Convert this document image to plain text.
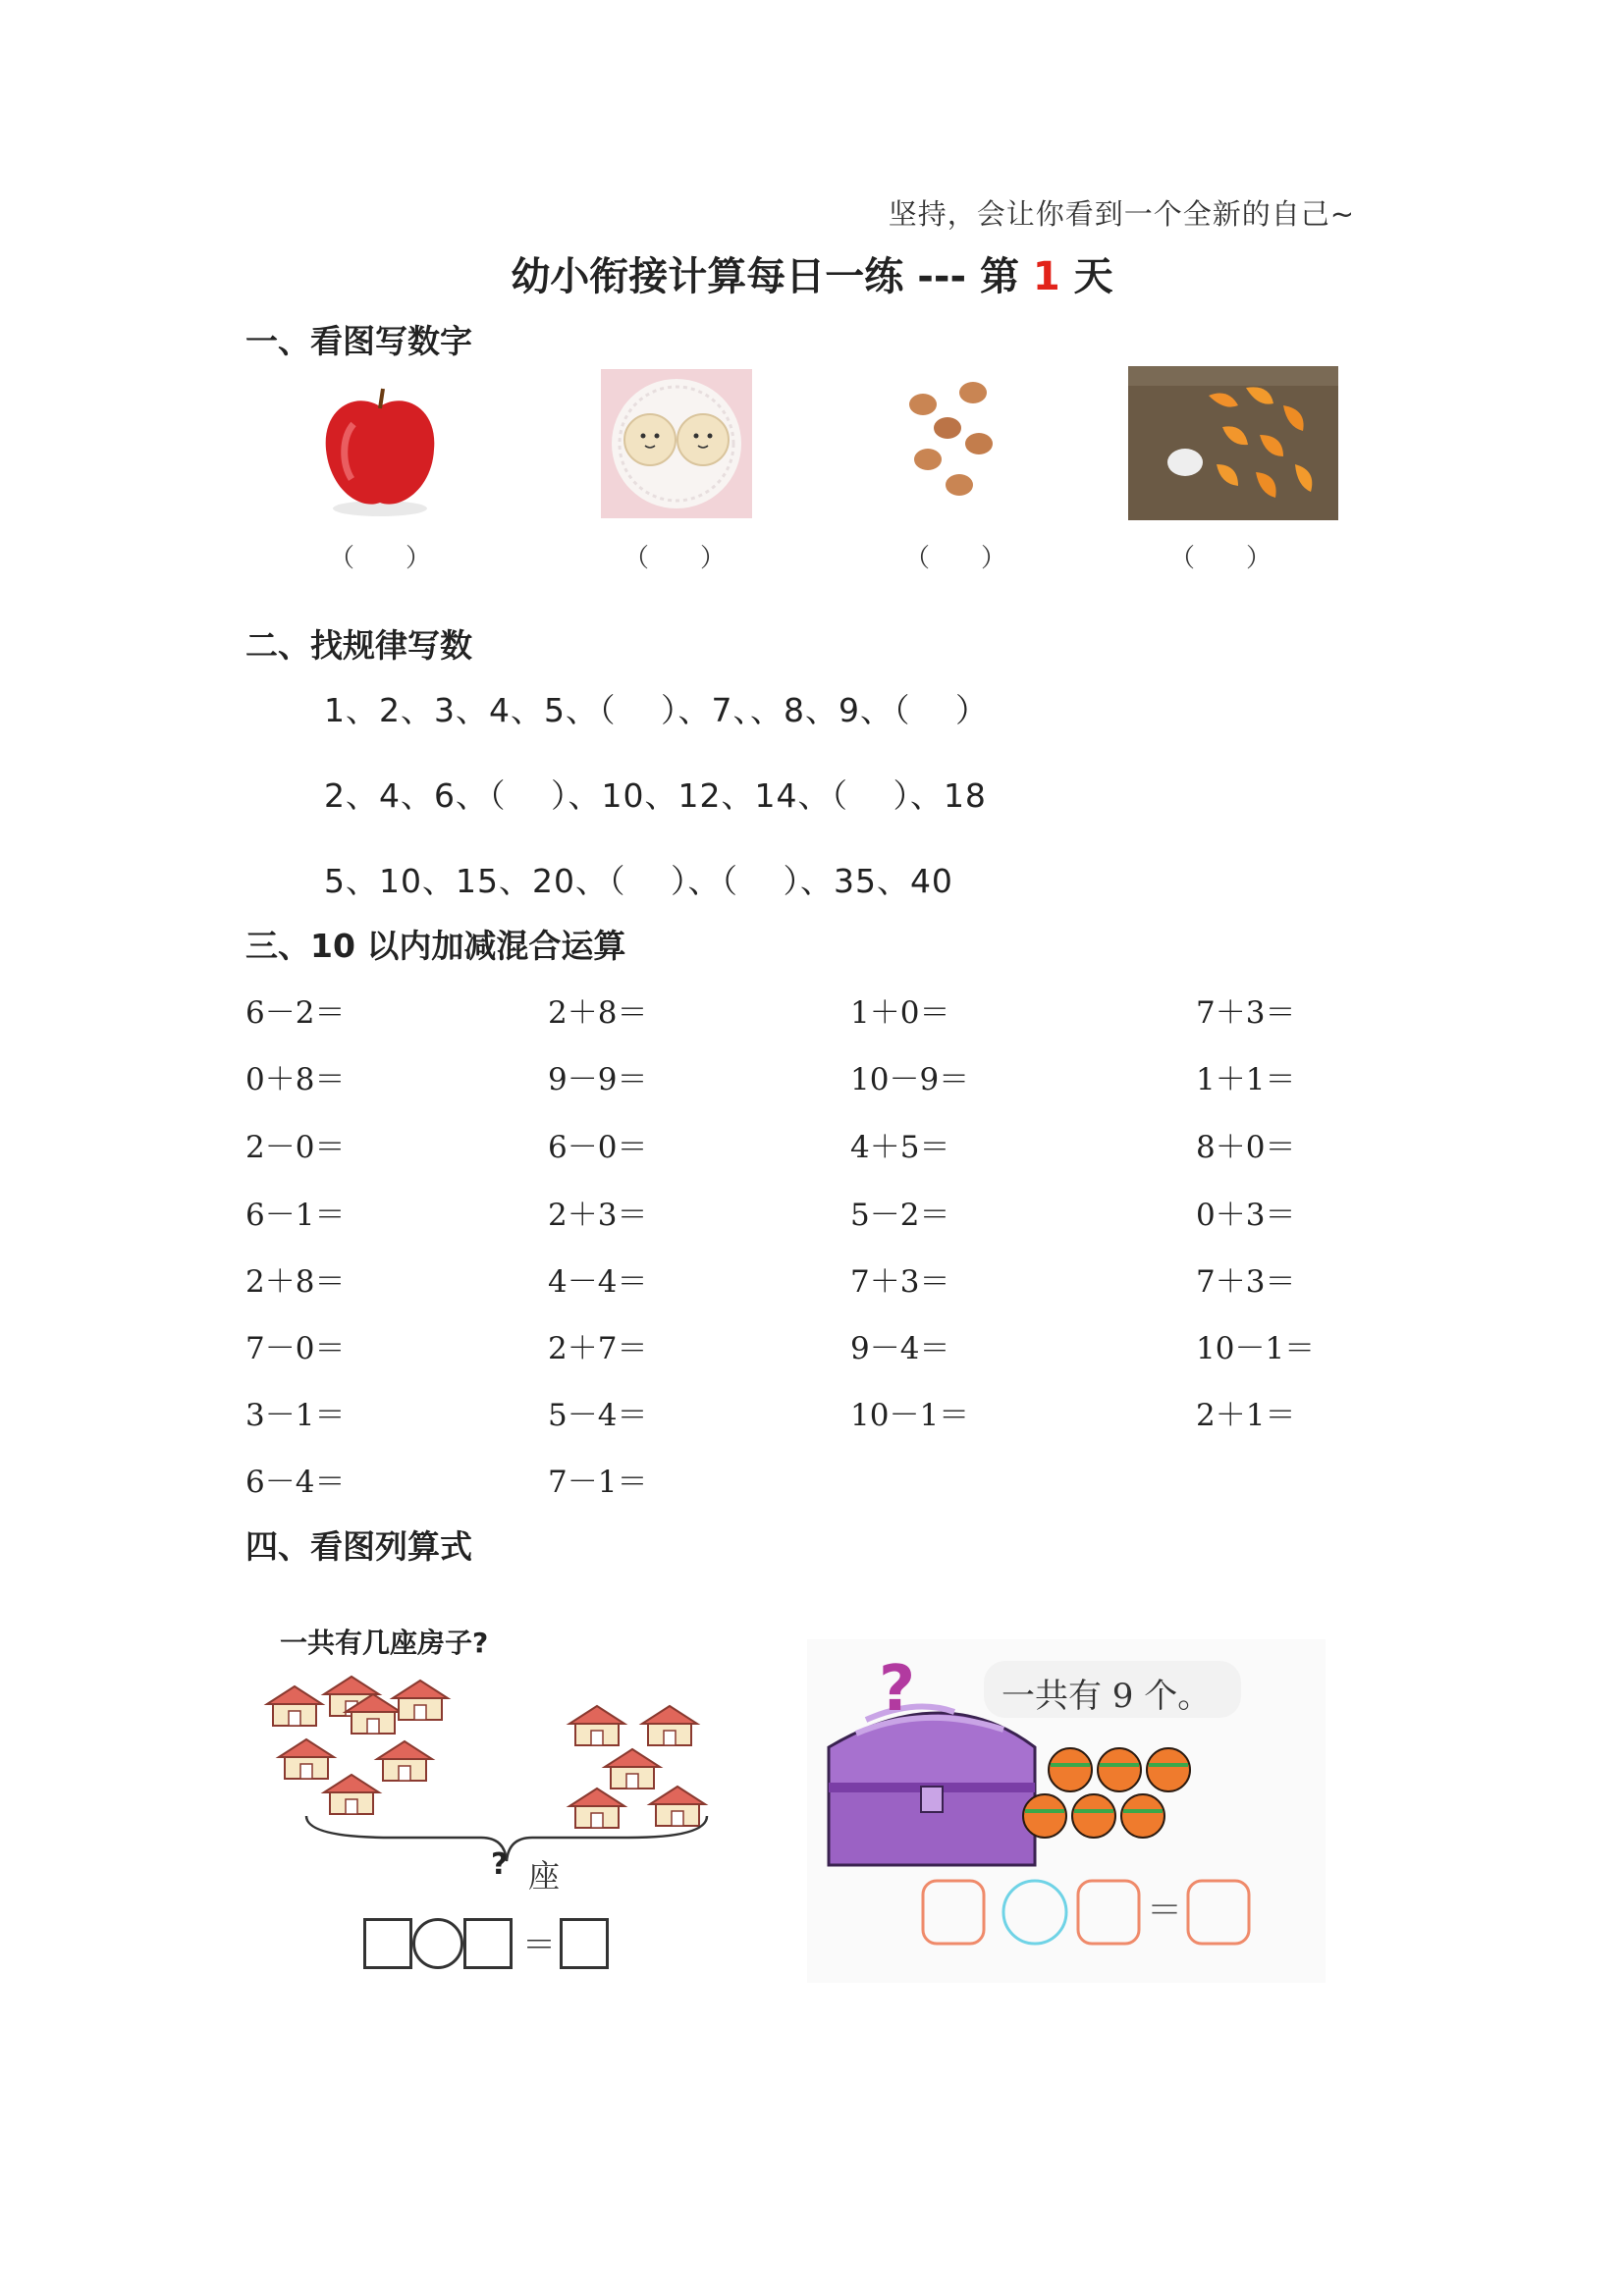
坚持，会让你看到一个全新的自己~
幼小衔接计算每日一练 --- 第 1 天
一、看图写数字
（　　）	（　　）	（　　）	（　　）
二、找规律写数
1、2、3、4、5、（　 ）、7、、8、9、（　 ）
2、4、6、（　 ）、10、12、14、（　 ）、18
5、10、15、20、（　 ）、（　 ）、35、40
三、10 以内加减混合运算
6－2＝	2＋8＝	1＋0＝	7＋3＝
0＋8＝	9－9＝	10－9＝	1＋1＝
2－0＝	6－0＝	4＋5＝	8＋0＝
6－1＝	2＋3＝	5－2＝	0＋3＝
2＋8＝	4－4＝	7＋3＝	7＋3＝
7－0＝	2＋7＝	9－4＝	10－1＝
3－1＝	5－4＝	10－1＝	2＋1＝
6－4＝	7－1＝
四、看图列算式
一共有几座房子?
? 座
＝
?	一共有 9 个。
＝
